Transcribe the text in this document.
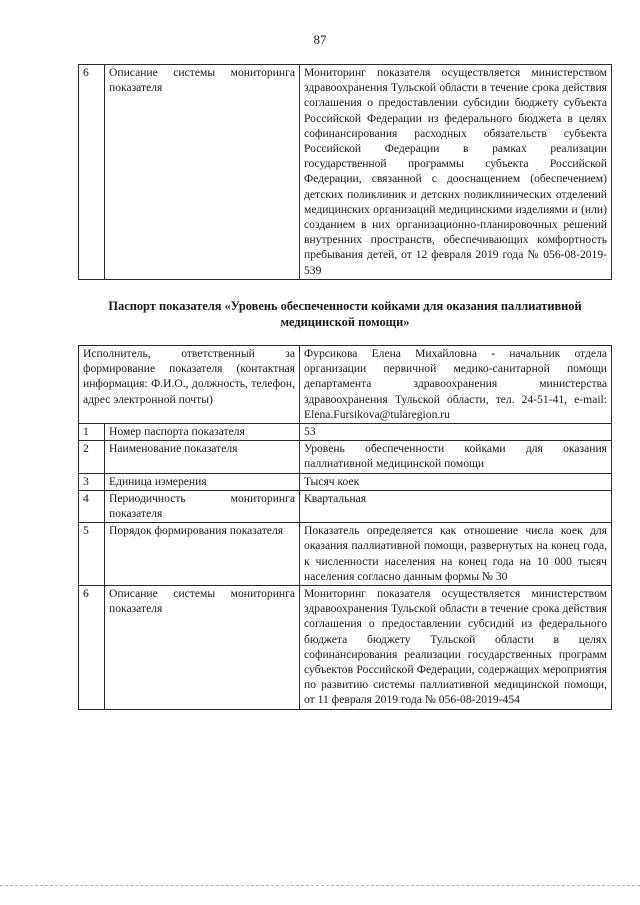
87
6	Описание системы мониторинга показателя	Мониторинг показателя осуществляется министерством здравоохранения Тульской области в течение срока действия соглашения о предоставлении субсидии бюджету субъекта Российской Федерации из федерального бюджета в целях софинансирования расходных обязательств субъекта Российской Федерации в рамках реализации государственной программы субъекта Российской Федерации, связанной с дооснащением (обеспечением) детских поликлиник и детских поликлинических отделений медицинских организаций медицинскими изделиями и (или) созданием в них организационно-планировочных решений внутренних пространств, обеспечивающих комфортность пребывания детей, от 12 февраля 2019 года № 056-08-2019-539
Паспорт показателя «Уровень обеспеченности койками для оказания паллиативной медицинской помощи»
Исполнитель, ответственный за формирование показателя (контактная информация: Ф.И.О., должность, телефон, адрес электронной почты)		Фурсикова Елена Михайловна - начальник отдела организации первичной медико-санитарной помощи департамента здравоохранения министерства здравоохранения Тульской области, тел. 24-51-41, e-mail: Elena.Fursikova@tularegion.ru
1	Номер паспорта показателя	53
2	Наименование показателя	Уровень обеспеченности койками для оказания паллиативной медицинской помощи
3	Единица измерения	Тысяч коек
4	Периодичность мониторинга показателя	Квартальная
5	Порядок формирования показателя	Показатель определяется как отношение числа коек для оказания паллиативной помощи, развернутых на конец года, к численности населения на конец года на 10 000 тысяч населения согласно данным формы № 30
6	Описание системы мониторинга показателя	Мониторинг показателя осуществляется министерством здравоохранения Тульской области в течение срока действия соглашения о предоставлении субсидий из федерального бюджета бюджету Тульской области в целях софинансирования реализации государственных программ субъектов Российской Федерации, содержащих мероприятия по развитию системы паллиативной медицинской помощи, от 11 февраля 2019 года № 056-08-2019-454
